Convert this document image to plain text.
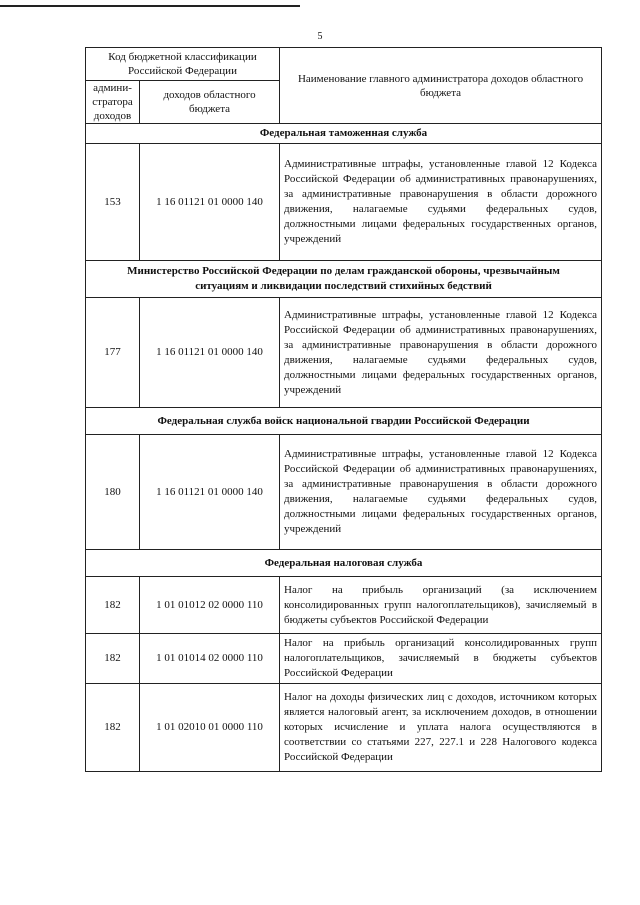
5
Код бюджетной классификации Российской Федерации		Наименование главного администратора доходов областного бюджета
админи-стратора доходов	доходов областного бюджета	
Федеральная таможенная служба		
153	1 16 01121 01 0000 140	Административные штрафы, установленные главой 12 Кодекса Российской Федерации об административных правонарушениях, за административные правонарушения в области дорожного движения, налагаемые судьями федеральных судов, должностными лицами федеральных государственных органов, учреждений
Министерство Российской Федерации по делам гражданской обороны, чрезвычайным ситуациям и ликвидации последствий стихийных бедствий		
177	1 16 01121 01 0000 140	Административные штрафы, установленные главой 12 Кодекса Российской Федерации об административных правонарушениях, за административные правонарушения в области дорожного движения, налагаемые судьями федеральных судов, должностными лицами федеральных государственных органов, учреждений
Федеральная служба войск национальной гвардии Российской Федерации		
180	1 16 01121 01 0000 140	Административные штрафы, установленные главой 12 Кодекса Российской Федерации об административных правонарушениях, за административные правонарушения в области дорожного движения, налагаемые судьями федеральных судов, должностными лицами федеральных государственных органов, учреждений
Федеральная налоговая служба		
182	1 01 01012 02 0000 110	Налог на прибыль организаций (за исключением консолидированных групп налогоплательщиков), зачисляемый в бюджеты субъектов Российской Федерации
182	1 01 01014 02 0000 110	Налог на прибыль организаций консолидированных групп налогоплательщиков, зачисляемый в бюджеты субъектов Российской Федерации
182	1 01 02010 01 0000 110	Налог на доходы физических лиц с доходов, источником которых является налоговый агент, за исключением доходов, в отношении которых исчисление и уплата налога осуществляются в соответствии со статьями 227, 227.1 и 228 Налогового кодекса Российской Федерации
